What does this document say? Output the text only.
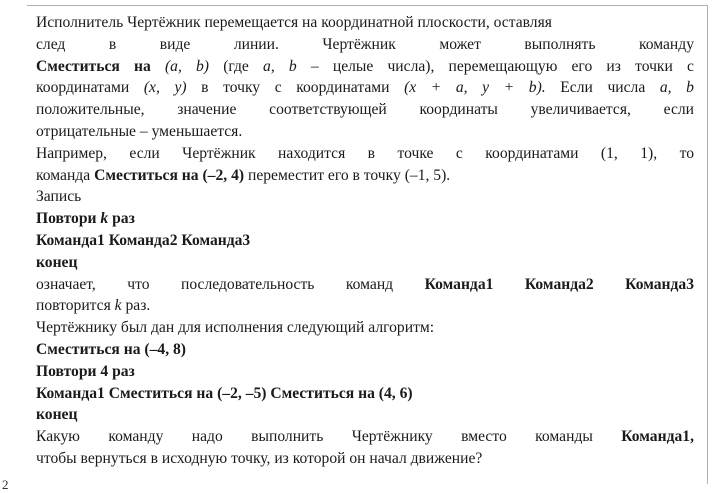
Исполнитель Чертёжник перемещается на координатной плоскости, оставляя

след в виде линии. Чертёжник может выполнять команду

Сместиться на (a, b) (где a, b – целые числа), перемещающую его из точки с

координатами (x, y) в точку с координатами (x + a, y + b). Если числа a, b

положительные, значение соответствующей координаты увеличивается, если

отрицательные – уменьшается.

Например, если Чертёжник находится в точке с координатами (1, 1), то

команда Сместиться на (–2, 4) переместит его в точку (–1, 5).

Запись

Повтори k раз

Команда1 Команда2 Команда3

конец

означает, что последовательность команд Команда1 Команда2 Команда3

повторится k раз.

Чертёжнику был дан для исполнения следующий алгоритм:

Сместиться на (–4, 8)

Повтори 4 раз

Команда1 Сместиться на (–2, –5) Сместиться на (4, 6)

конец

Какую команду надо выполнить Чертёжнику вместо команды Команда1,

чтобы вернуться в исходную точку, из которой он начал движение?

2
